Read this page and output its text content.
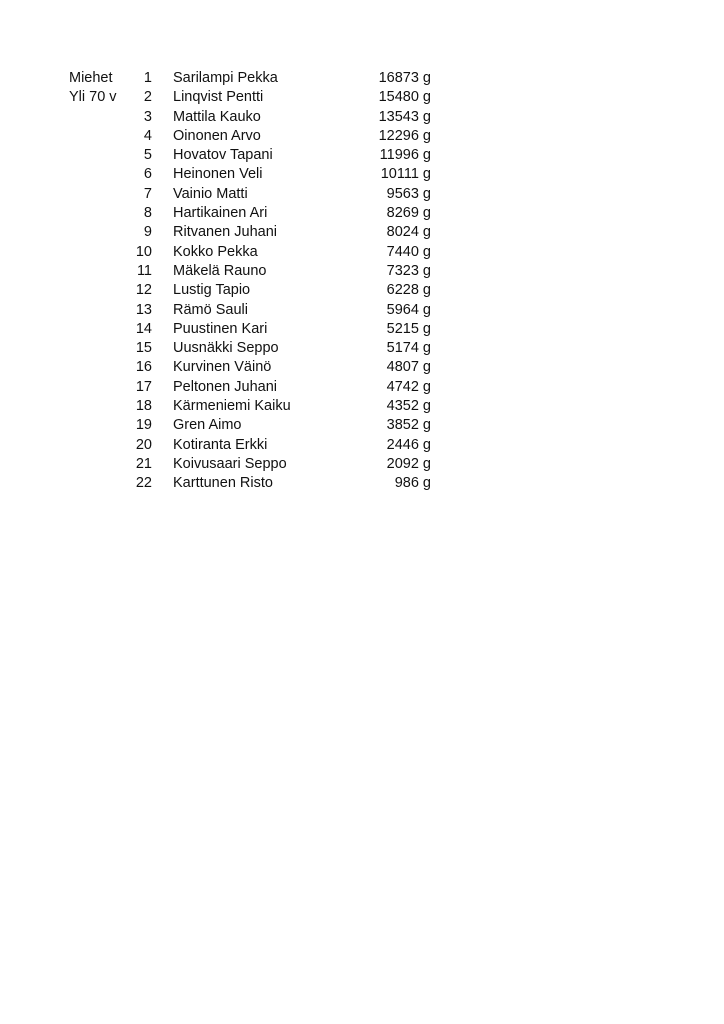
Miehet
Yli 70 v
1 Sarilampi Pekka	16873 g
2 Linqvist Pentti	15480 g
3 Mattila Kauko	13543 g
4 Oinonen Arvo	12296 g
5 Hovatov Tapani	11996 g
6 Heinonen Veli	10111 g
7 Vainio Matti	9563 g
8 Hartikainen Ari	8269 g
9 Ritvanen Juhani	8024 g
10 Kokko Pekka	7440 g
11 Mäkelä Rauno	7323 g
12 Lustig Tapio	6228 g
13 Rämö Sauli	5964 g
14 Puustinen Kari	5215 g
15 Uusnäkki Seppo	5174 g
16 Kurvinen Väinö	4807 g
17 Peltonen Juhani	4742 g
18 Kärmeniemi Kaiku	4352 g
19 Gren Aimo	3852 g
20 Kotiranta Erkki	2446 g
21 Koivusaari Seppo	2092 g
22 Karttunen Risto	986 g
